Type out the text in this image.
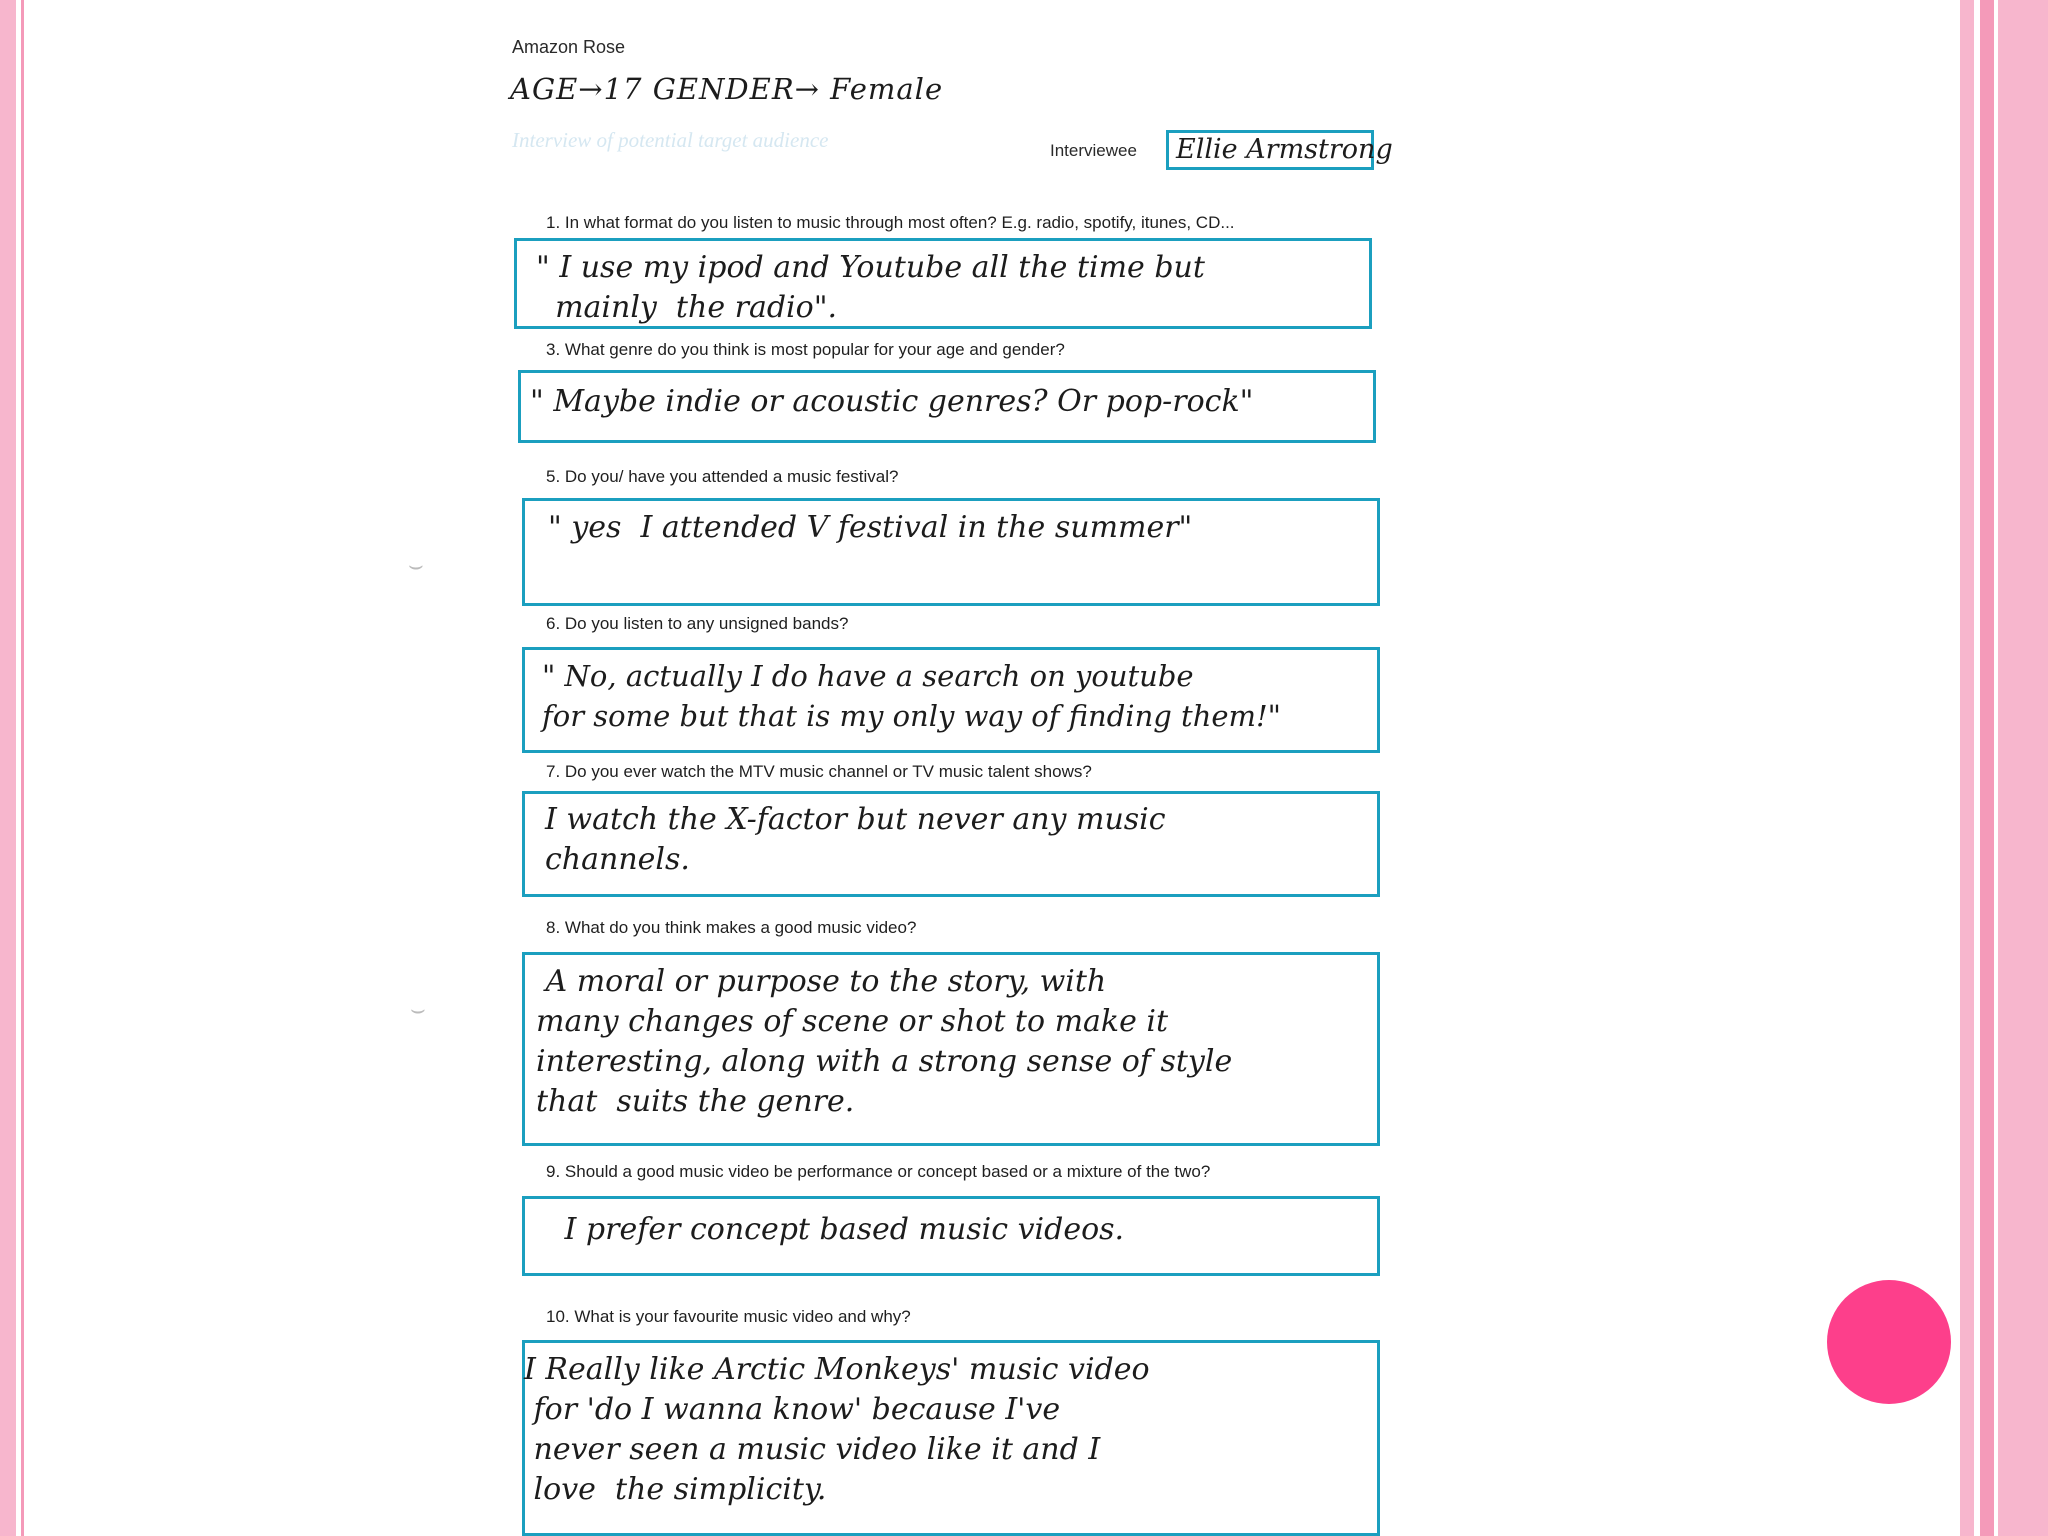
Amazon Rose
AGE→17 GENDER→ Female
Interview of potential target audience	Interviewee Ellie Armstrong
1. In what format do you listen to music through most often? E.g. radio, spotify, itunes, CD...
" I use my ipod and Youtube all the time but
mainly  the radio".
3. What genre do you think is most popular for your age and gender?
" Maybe indie or acoustic genres? Or pop-rock"
5. Do you/ have you attended a music festival?
" yes  I attended V festival in the summer"
6. Do you listen to any unsigned bands?
" No, actually I do have a search on youtube
for some but that is my only way of finding them!"
7. Do you ever watch the MTV music channel or TV music talent shows?
I watch the X-factor but never any music
channels.
8. What do you think makes a good music video?
A moral or purpose to the story, with
many changes of scene or shot to make it
interesting, along with a strong sense of style
that  suits the genre.
9. Should a good music video be performance or concept based or a mixture of the two?
I prefer concept based music videos.
10. What is your favourite music video and why?
I Really like Arctic Monkeys' music video
for 'do I wanna know' because I've
never seen a music video like it and I
love  the simplicity.
⌣
⌣
